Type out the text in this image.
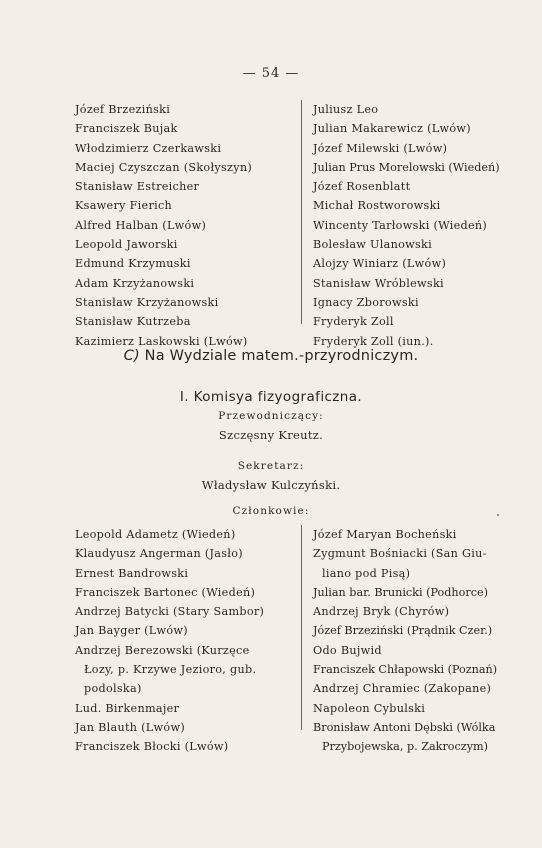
— 54 —
Józef Brzeziński
Franciszek Bujak
Włodzimierz Czerkawski
Maciej Czyszczan (Skołyszyn)
Stanisław Estreicher
Ksawery Fierich
Alfred Halban (Lwów)
Leopold Jaworski
Edmund Krzymuski
Adam Krzyżanowski
Stanisław Krzyżanowski
Stanisław Kutrzeba
Kazimierz Laskowski (Lwów)
Juliusz Leo
Julian Makarewicz (Lwów)
Józef Milewski (Lwów)
Julian Prus Morelowski (Wiedeń)
Józef Rosenblatt
Michał Rostworowski
Wincenty Tarłowski (Wiedeń)
Bolesław Ulanowski
Alojzy Winiarz (Lwów)
Stanisław Wróblewski
Ignacy Zborowski
Fryderyk Zoll
Fryderyk Zoll (iun.).
C) Na Wydziale matem.-przyrodniczym.
I. Komisya fizyograficzna.
Przewodniczący:
Szczęsny Kreutz.
Sekretarz:
Władysław Kulczyński.
Członkowie:
Leopold Adametz (Wiedeń)
Klaudyusz Angerman (Jasło)
Ernest Bandrowski
Franciszek Bartonec (Wiedeń)
Andrzej Batycki (Stary Sambor)
Jan Bayger (Lwów)
Andrzej Berezowski (Kurzęce
Łozy, p. Krzywe Jezioro, gub.
podolska)
Lud. Birkenmajer
Jan Blauth (Lwów)
Franciszek Błocki (Lwów)
Józef Maryan Bocheński
Zygmunt Bośniacki (San Giu-
liano pod Pisą)
Julian bar. Brunicki (Podhorce)
Andrzej Bryk (Chyrów)
Józef Brzeziński (Prądnik Czer.)
Odo Bujwid
Franciszek Chłapowski (Poznań)
Andrzej Chramiec (Zakopane)
Napoleon Cybulski
Bronisław Antoni Dębski (Wólka
Przybojewska, p. Zakroczym)
